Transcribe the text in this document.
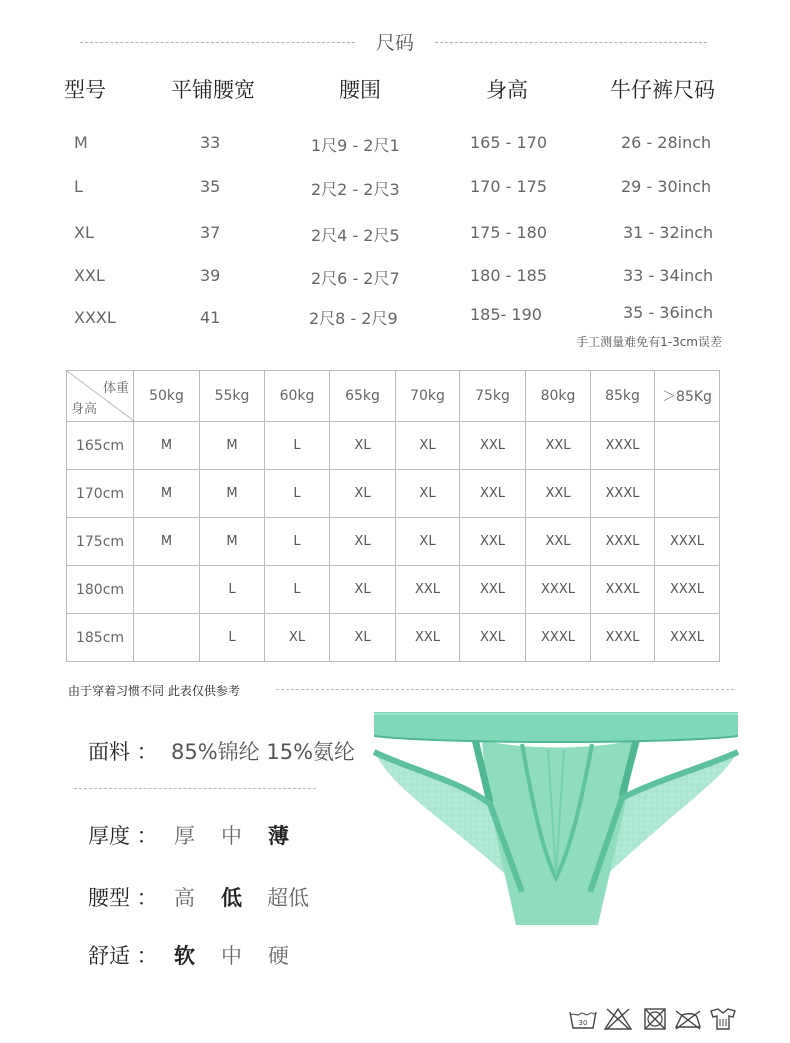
尺码
型号	平铺腰宽	腰围	身高	牛仔裤尺码
M	33	1尺9 - 2尺1	165 - 170	26 - 28inch
L	35	2尺2 - 2尺3	170 - 175	29 - 30inch
XL	37	2尺4 - 2尺5	175 - 180	31 - 32inch
XXL	39	2尺6 - 2尺7	180 - 185	33 - 34inch
XXXL	41	2尺8 - 2尺9	185- 190	35 - 36inch
手工测量难免有1-3cm误差
体重
身高	50kg	55kg	60kg	65kg	70kg	75kg	80kg	85kg	＞85Kg
165cm	M	M	L	XL	XL	XXL	XXL	XXXL	
170cm	M	M	L	XL	XL	XXL	XXL	XXXL	
175cm	M	M	L	XL	XL	XXL	XXL	XXXL	XXXL
180cm		L	L	XL	XXL	XXL	XXXL	XXXL	XXXL
185cm		L	XL	XL	XXL	XXL	XXXL	XXXL	XXXL
由于穿着习惯不同 此表仅供参考
面料 ： 85%锦纶 15%氨纶
厚度 ： 厚 中 薄
腰型 ： 高 低 超低
舒适 ： 软 中 硬
30
